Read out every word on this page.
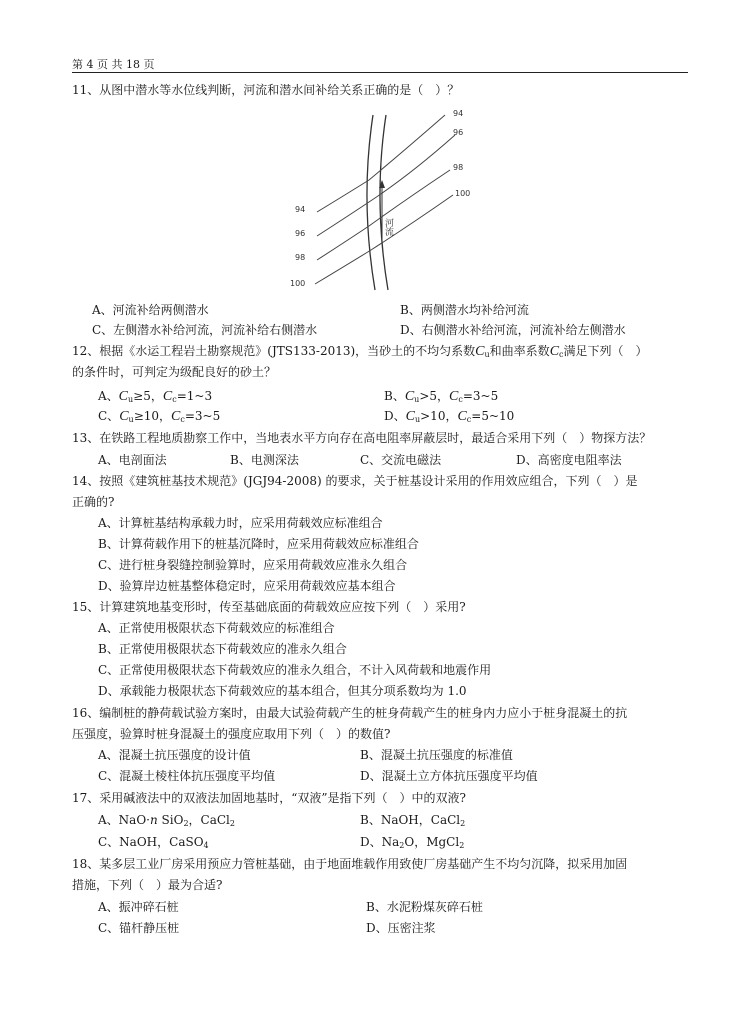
第 4 页 共 18 页
11、从图中潜水等水位线判断，河流和潜水间补给关系正确的是（　）？
94
96
98
100
94
96
98
100
河流
A、河流补给两侧潜水	B、两侧潜水均补给河流
C、左侧潜水补给河流，河流补给右侧潜水	D、右侧潜水补给河流，河流补给左侧潜水
12、根据《水运工程岩土勘察规范》(JTS133-2013)，当砂土的不均匀系数$C_u$和曲率系数$C_c$满足下列（　）
的条件时，可判定为级配良好的砂土？
A、$C_u\ge 5$，$C_c=1\sim 3$	B、$C_u>5$，$C_c=3\sim 5$
C、$C_u\ge 10$，$C_c=3\sim 5$	D、$C_u>10$，$C_c=5\sim 10$
13、在铁路工程地质勘察工作中，当地表水平方向存在高电阻率屏蔽层时，最适合采用下列（　）物探方法？
A、电剖面法	B、电测深法	C、交流电磁法	D、高密度电阻率法
14、按照《建筑桩基技术规范》(JGJ94-2008) 的要求，关于桩基设计采用的作用效应组合，下列（　）是
正确的?
A、计算桩基结构承载力时，应采用荷载效应标准组合
B、计算荷载作用下的桩基沉降时，应采用荷载效应标准组合
C、进行桩身裂缝控制验算时，应采用荷载效应准永久组合
D、验算岸边桩基整体稳定时，应采用荷载效应基本组合
15、计算建筑地基变形时，传至基础底面的荷载效应应按下列（　）采用?
A、正常使用极限状态下荷载效应的标准组合
B、正常使用极限状态下荷载效应的准永久组合
C、正常使用极限状态下荷载效应的准永久组合，不计入风荷载和地震作用
D、承载能力极限状态下荷载效应的基本组合，但其分项系数均为 1.0
16、编制桩的静荷载试验方案时，由最大试验荷载产生的桩身荷载产生的桩身内力应小于桩身混凝土的抗
压强度，验算时桩身混凝土的强度应取用下列（　）的数值?
A、混凝土抗压强度的设计值	B、混凝土抗压强度的标准值
C、混凝土棱柱体抗压强度平均值	D、混凝土立方体抗压强度平均值
17、采用碱液法中的双液法加固地基时，“双液”是指下列（　）中的双液?
A、NaO·n SiO$_2$，CaCl$_2$	B、NaOH，CaCl$_2$
C、NaOH，CaSO$_4$	D、$Na_2O$，MgCl$_2$
18、某多层工业厂房采用预应力管桩基础，由于地面堆载作用致使厂房基础产生不均匀沉降，拟采用加固
措施，下列（　）最为合适?
A、振冲碎石桩	B、水泥粉煤灰碎石桩
C、锚杆静压桩	D、压密注浆
